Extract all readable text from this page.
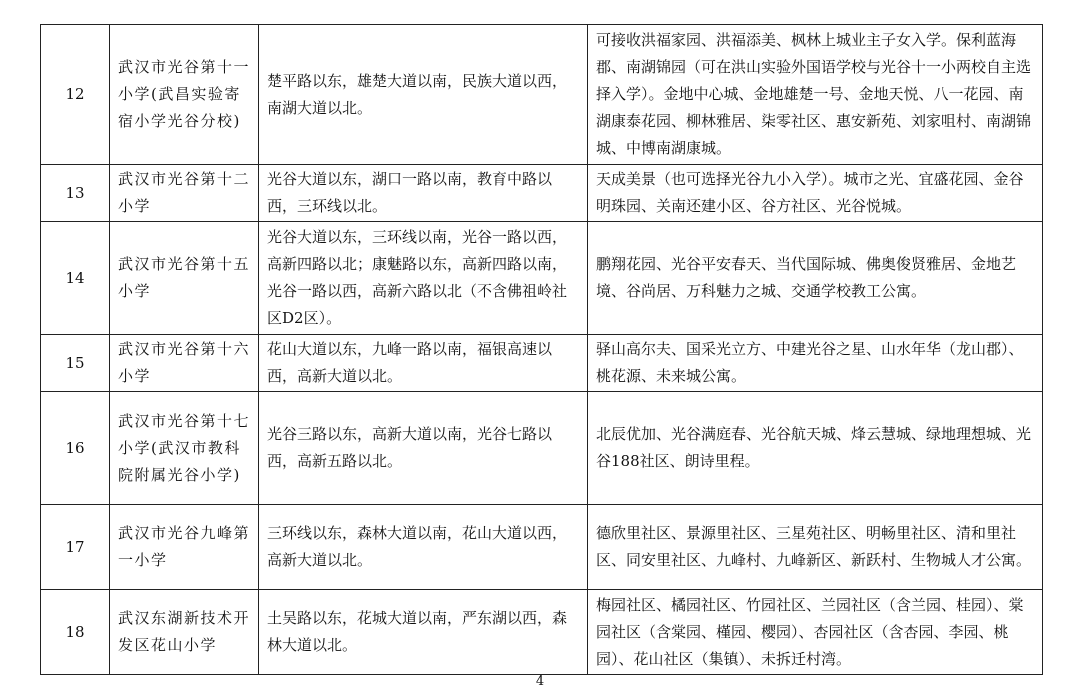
12	武汉市光谷第十一小学(武昌实验寄宿小学光谷分校)	楚平路以东，雄楚大道以南，民族大道以西，南湖大道以北。	可接收洪福家园、洪福添美、枫林上城业主子女入学。保利蓝海郡、南湖锦园（可在洪山实验外国语学校与光谷十一小两校自主选择入学）。金地中心城、金地雄楚一号、金地天悦、八一花园、南湖康泰花园、柳林雅居、柒零社区、惠安新苑、刘家咀村、南湖锦城、中博南湖康城。
13	武汉市光谷第十二小学	光谷大道以东，湖口一路以南，教育中路以西，三环线以北。	天成美景（也可选择光谷九小入学）。城市之光、宜盛花园、金谷明珠园、关南还建小区、谷方社区、光谷悦城。
14	武汉市光谷第十五小学	光谷大道以东，三环线以南，光谷一路以西，高新四路以北；康魅路以东，高新四路以南，光谷一路以西，高新六路以北（不含佛祖岭社区D2区）。	鹏翔花园、光谷平安春天、当代国际城、佛奥俊贤雅居、金地艺境、谷尚居、万科魅力之城、交通学校教工公寓。
15	武汉市光谷第十六小学	花山大道以东，九峰一路以南，福银高速以西，高新大道以北。	驿山高尔夫、国采光立方、中建光谷之星、山水年华（龙山郡）、桃花源、未来城公寓。
16	武汉市光谷第十七小学(武汉市教科院附属光谷小学)	光谷三路以东，高新大道以南，光谷七路以西，高新五路以北。	北辰优加、光谷满庭春、光谷航天城、烽云慧城、绿地理想城、光谷188社区、朗诗里程。
17	武汉市光谷九峰第一小学	三环线以东，森林大道以南，花山大道以西，高新大道以北。	德欣里社区、景源里社区、三星苑社区、明畅里社区、清和里社区、同安里社区、九峰村、九峰新区、新跃村、生物城人才公寓。
18	武汉东湖新技术开发区花山小学	土吴路以东，花城大道以南，严东湖以西，森林大道以北。	梅园社区、橘园社区、竹园社区、兰园社区（含兰园、桂园）、棠园社区（含棠园、槿园、樱园）、杏园社区（含杏园、李园、桃园）、花山社区（集镇）、未拆迁村湾。
4
